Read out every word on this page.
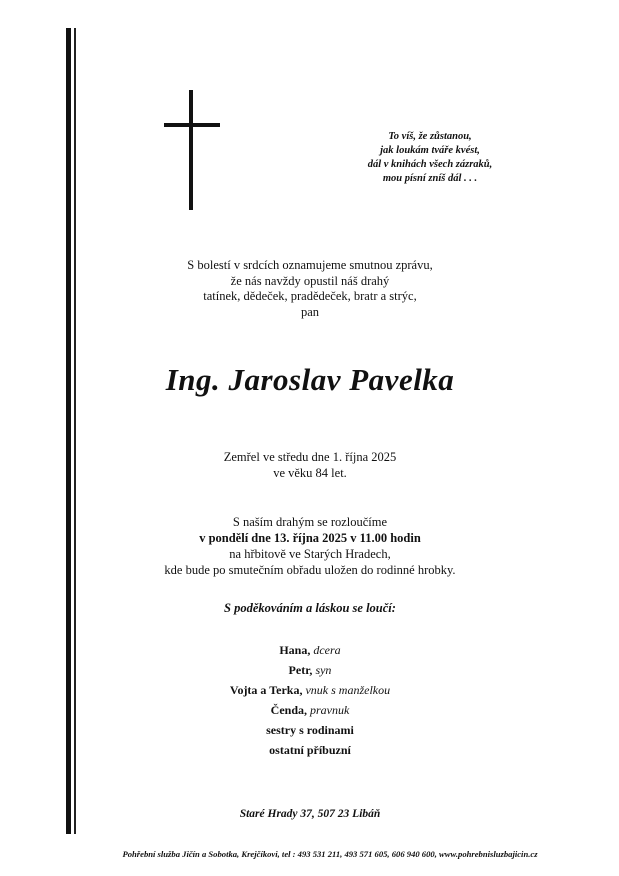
To víš, že zůstanou,
jak loukám tváře kvést,
dál v knihách všech zázraků,
mou písní zníš dál . . .
S bolestí v srdcích oznamujeme smutnou zprávu,
že nás navždy opustil náš drahý
tatínek, dědeček, pradědeček, bratr a strýc,
pan
Ing. Jaroslav Pavelka
Zemřel ve středu dne 1. října 2025
ve věku 84 let.
S naším drahým se rozloučíme
v pondělí dne 13. října 2025 v 11.00 hodin
na hřbitově ve Starých Hradech,
kde bude po smutečním obřadu uložen do rodinné hrobky.
S poděkováním a láskou se loučí:
Hana, dcera
Petr, syn
Vojta a Terka, vnuk s manželkou
Čenda, pravnuk
sestry s rodinami
ostatní příbuzní
Staré Hrady 37, 507 23 Libáň
Pohřební služba Jičín a Sobotka, Krejčíkovi, tel : 493 531 211, 493 571 605, 606 940 600, www.pohrebnisluzbajicin.cz
